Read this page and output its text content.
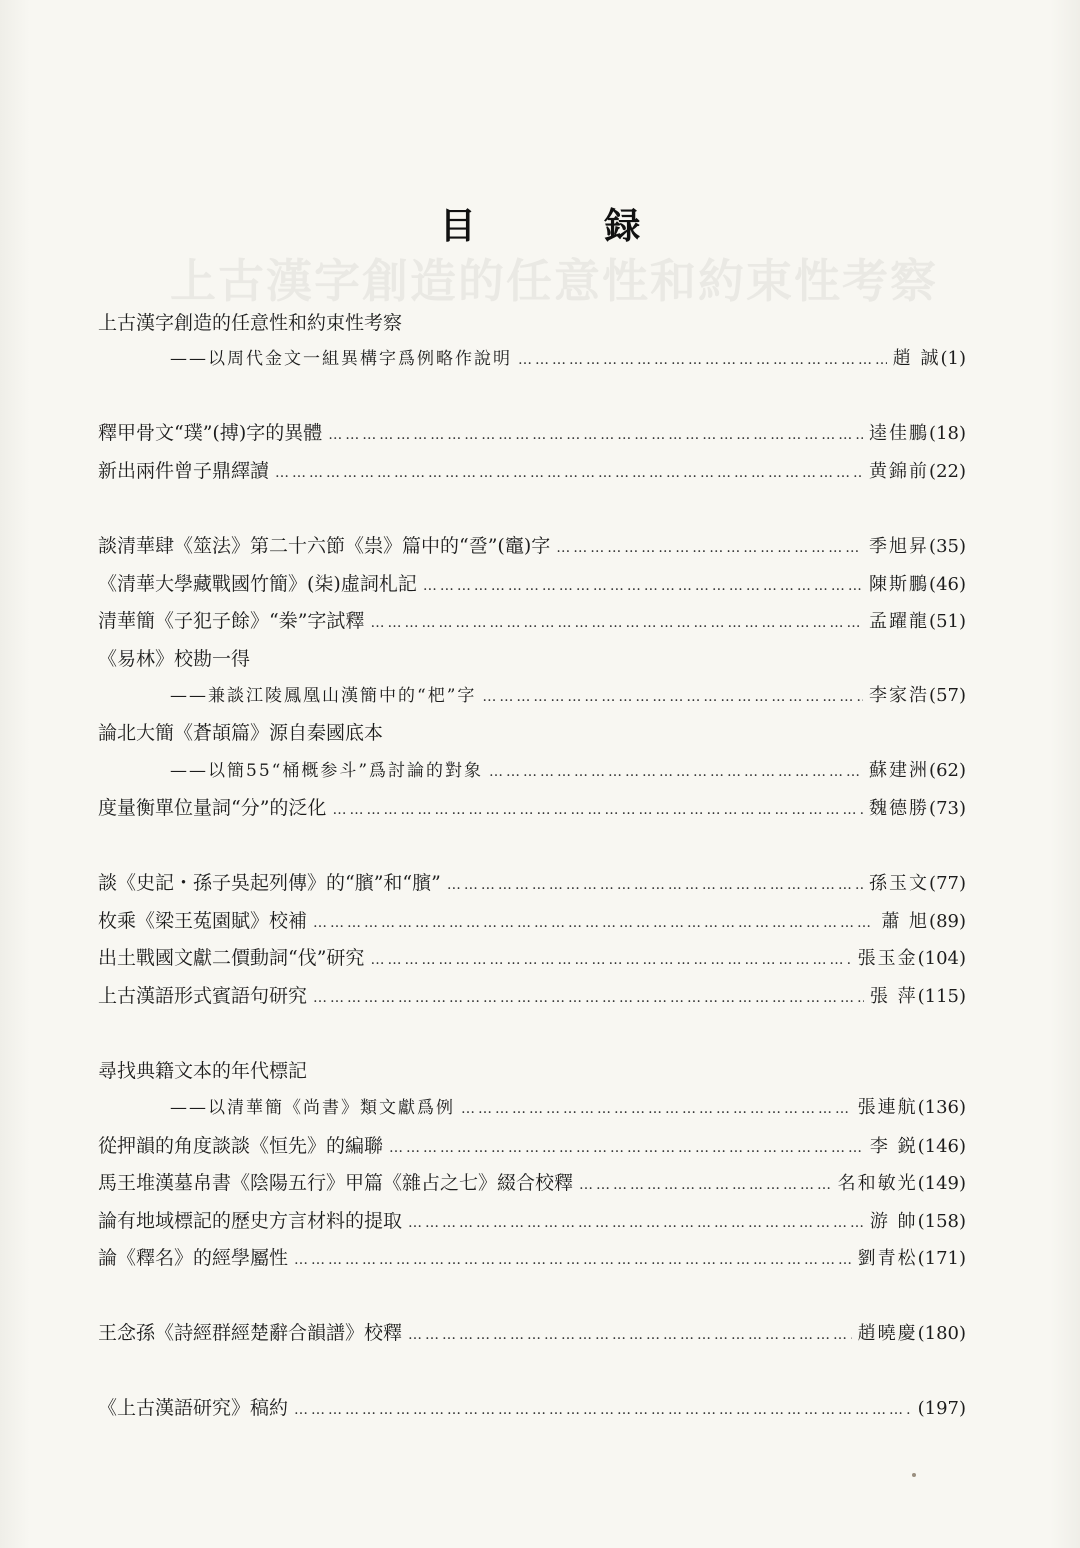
上古漢字創造的任意性和約束性考察
目 録
上古漢字創造的任意性和約束性考察
——以周代金文一組異構字爲例略作說明 …………………………………………………………………………………………………………………………………………	趙 誠 (1)
釋甲骨文“璞”(搏)字的異體 …………………………………………………………………………………………………………………………………………	逵佳鵬 (18)
新出兩件曾子鼎繹讀 …………………………………………………………………………………………………………………………………………	黄錦前 (22)
談清華肆《筮法》第二十六節《祟》篇中的“巹”(竈)字 …………………………………………………………………………………………………………………………………………	季旭昇 (35)
《清華大學藏戰國竹簡》(柒)虛詞札記 …………………………………………………………………………………………………………………………………………	陳斯鵬 (46)
清華簡《子犯子餘》“桊”字試釋 …………………………………………………………………………………………………………………………………………	孟躍龍 (51)
《易林》校勘一得
——兼談江陵鳳凰山漢簡中的“杷”字 …………………………………………………………………………………………………………………………………………	李家浩 (57)
論北大簡《蒼頡篇》源自秦國底本
——以簡55“桶概参斗”爲討論的對象 …………………………………………………………………………………………………………………………………………	蘇建洲 (62)
度量衡單位量詞“分”的泛化 …………………………………………………………………………………………………………………………………………	魏德勝 (73)
談《史記・孫子吳起列傳》的“臏”和“臏” …………………………………………………………………………………………………………………………………………	孫玉文 (77)
枚乘《梁王菟園賦》校補 …………………………………………………………………………………………………………………………………………	蕭 旭 (89)
出土戰國文獻二價動詞“伐”研究 …………………………………………………………………………………………………………………………………………	張玉金 (104)
上古漢語形式賓語句研究 …………………………………………………………………………………………………………………………………………	張 萍 (115)
尋找典籍文本的年代標記
——以清華簡《尚書》類文獻爲例 …………………………………………………………………………………………………………………………………………	張連航 (136)
從押韻的角度談談《恒先》的編聯 …………………………………………………………………………………………………………………………………………	李 鋭 (146)
馬王堆漢墓帛書《陰陽五行》甲篇《雜占之七》綴合校釋 …………………………………………………………………………………………………………………………………………	名和敏光 (149)
論有地域標記的歷史方言材料的提取 …………………………………………………………………………………………………………………………………………	游 帥 (158)
論《釋名》的經學屬性 …………………………………………………………………………………………………………………………………………	劉青松 (171)
王念孫《詩經群經楚辭合韻譜》校釋 …………………………………………………………………………………………………………………………………………	趙曉慶 (180)
《上古漢語研究》稿約 …………………………………………………………………………………………………………………………………………	(197)
